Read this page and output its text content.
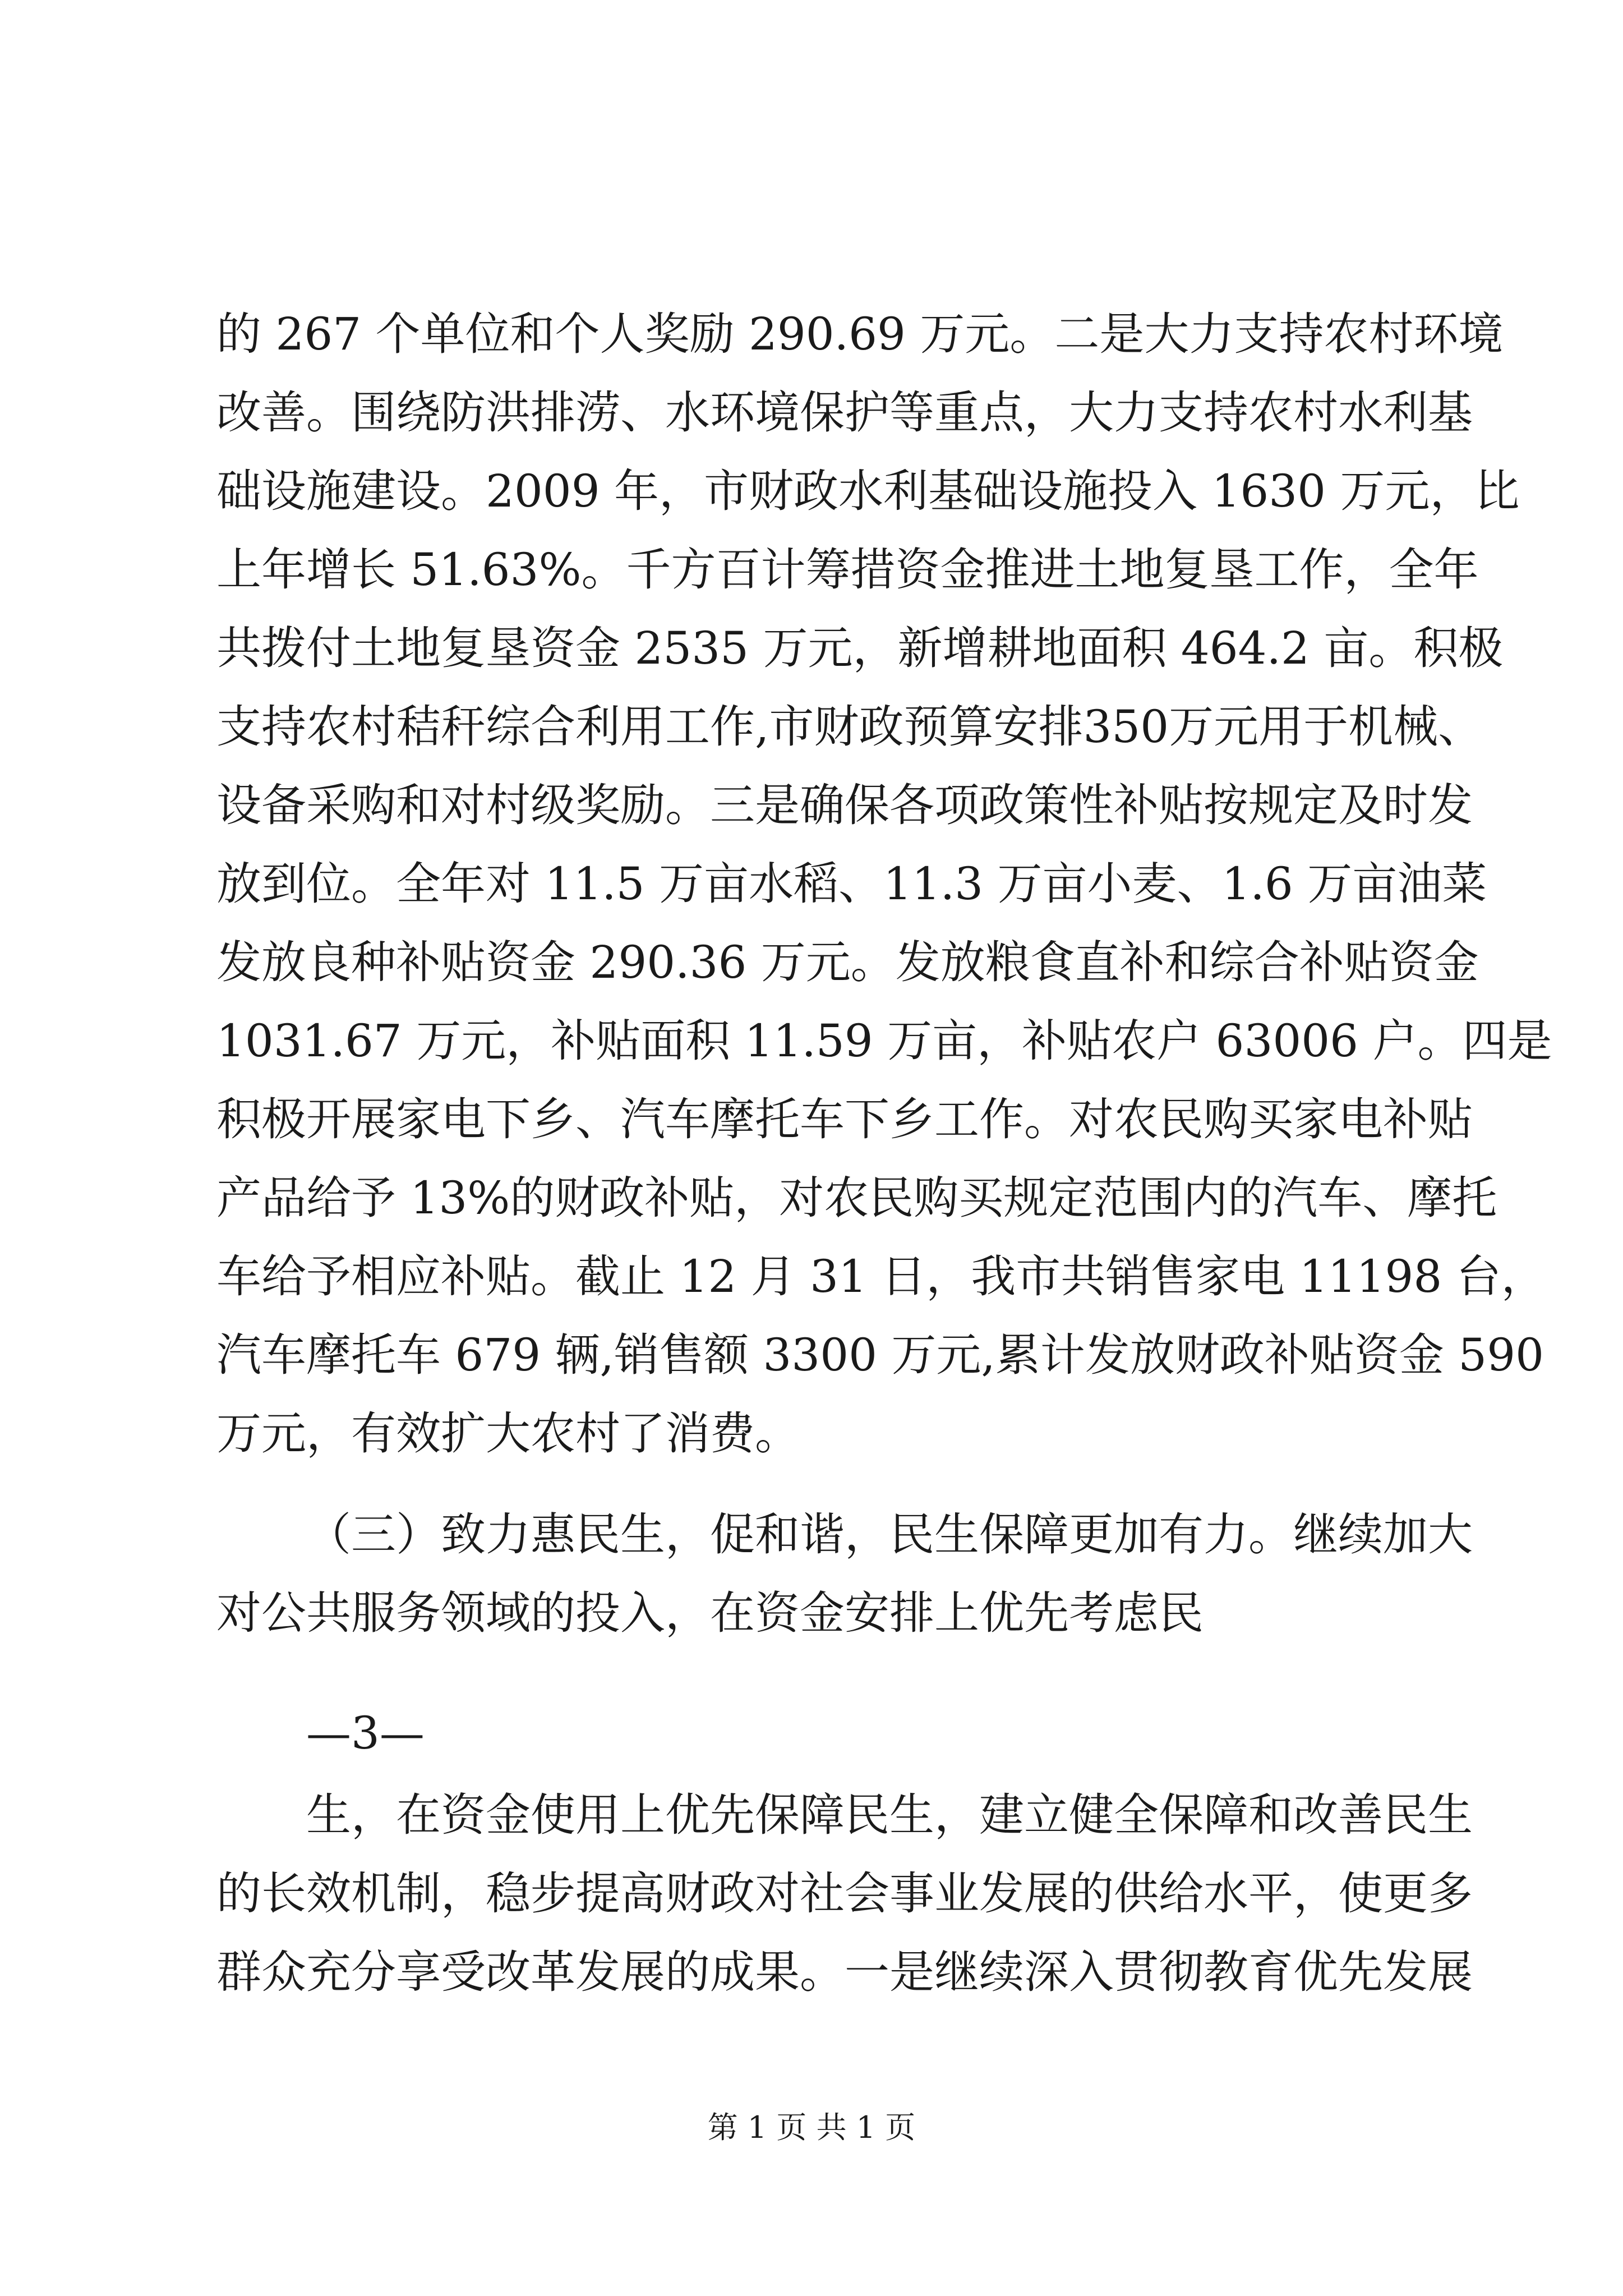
的 267 个单位和个人奖励 290.69 万元。二是大力支持农村环境
改善。围绕防洪排涝、水环境保护等重点，大力支持农村水利基
础设施建设。2009 年，市财政水利基础设施投入 1630 万元，比
上年增长 51.63%。千方百计筹措资金推进土地复垦工作，全年
共拨付土地复垦资金 2535 万元，新增耕地面积 464.2 亩。积极
支持农村秸秆综合利用工作,市财政预算安排350万元用于机械、
设备采购和对村级奖励。三是确保各项政策性补贴按规定及时发
放到位。全年对 11.5 万亩水稻、11.3 万亩小麦、1.6 万亩油菜
发放良种补贴资金 290.36 万元。发放粮食直补和综合补贴资金
1031.67 万元，补贴面积 11.59 万亩，补贴农户 63006 户。四是
积极开展家电下乡、汽车摩托车下乡工作。对农民购买家电补贴
产品给予 13%的财政补贴，对农民购买规定范围内的汽车、摩托
车给予相应补贴。截止 12 月 31 日，我市共销售家电 11198 台，
汽车摩托车 679 辆,销售额 3300 万元,累计发放财政补贴资金 590
万元，有效扩大农村了消费。
（三）致力惠民生，促和谐，民生保障更加有力。继续加大
对公共服务领域的投入，在资金安排上优先考虑民
—3—
生，在资金使用上优先保障民生，建立健全保障和改善民生
的长效机制，稳步提高财政对社会事业发展的供给水平，使更多
群众充分享受改革发展的成果。一是继续深入贯彻教育优先发展
第 1 页 共 1 页
